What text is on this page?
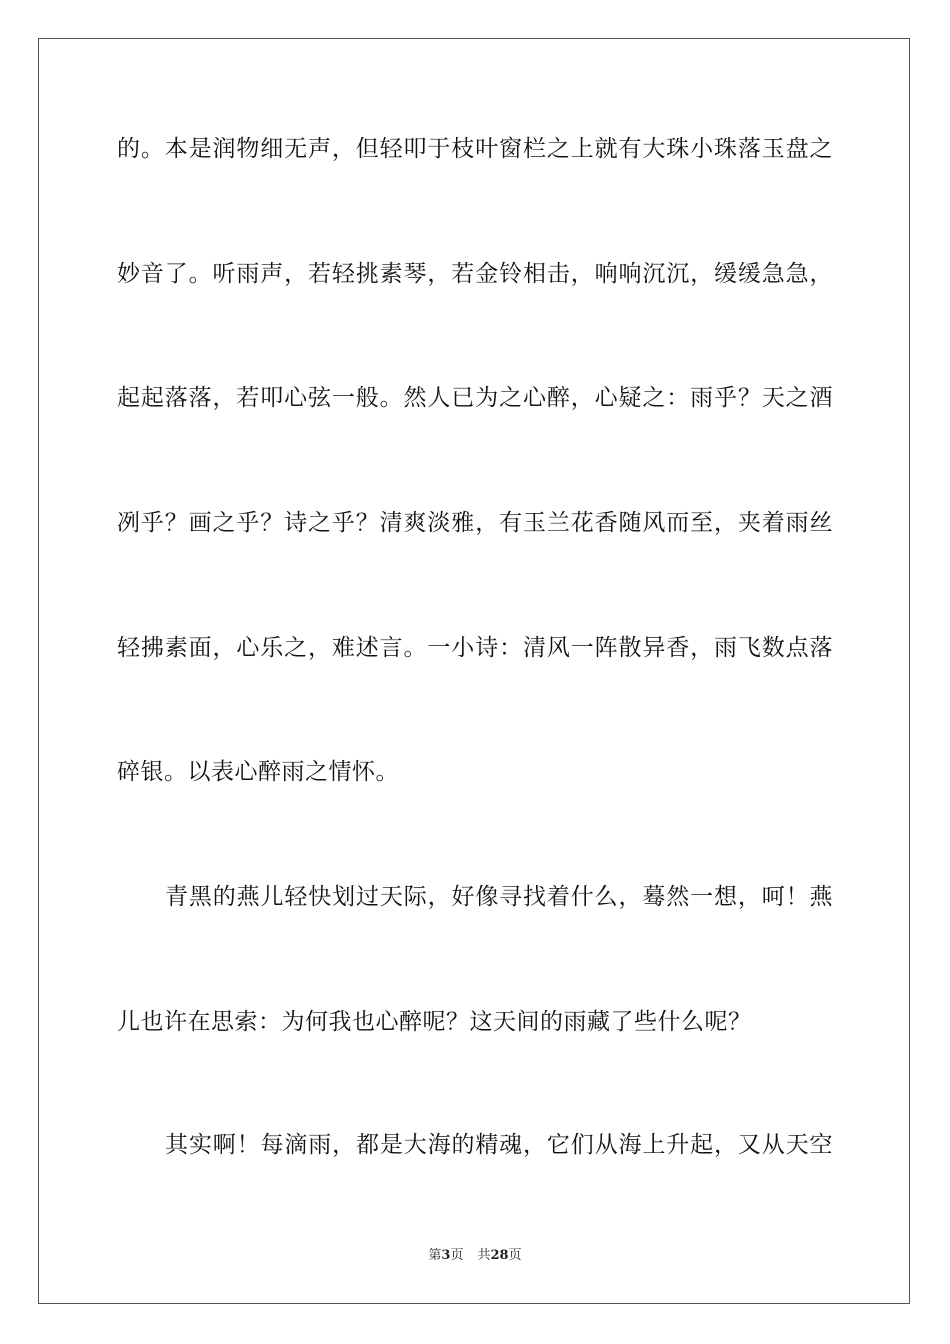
的。本是润物细无声，但轻叩于枝叶窗栏之上就有大珠小珠落玉盘之
妙音了。听雨声，若轻挑素琴，若金铃相击，响响沉沉，缓缓急急，
起起落落，若叩心弦一般。然人已为之心醉，心疑之：雨乎？天之酒
冽乎？画之乎？诗之乎？清爽淡雅，有玉兰花香随风而至，夹着雨丝
轻拂素面，心乐之，难述言。一小诗：清风一阵散异香，雨飞数点落
碎银。以表心醉雨之情怀。
青黑的燕儿轻快划过天际，好像寻找着什么，蓦然一想，呵！燕
儿也许在思索：为何我也心醉呢？这天间的雨藏了些什么呢？
其实啊！每滴雨，都是大海的精魂，它们从海上升起，又从天空
第3页 共28页
